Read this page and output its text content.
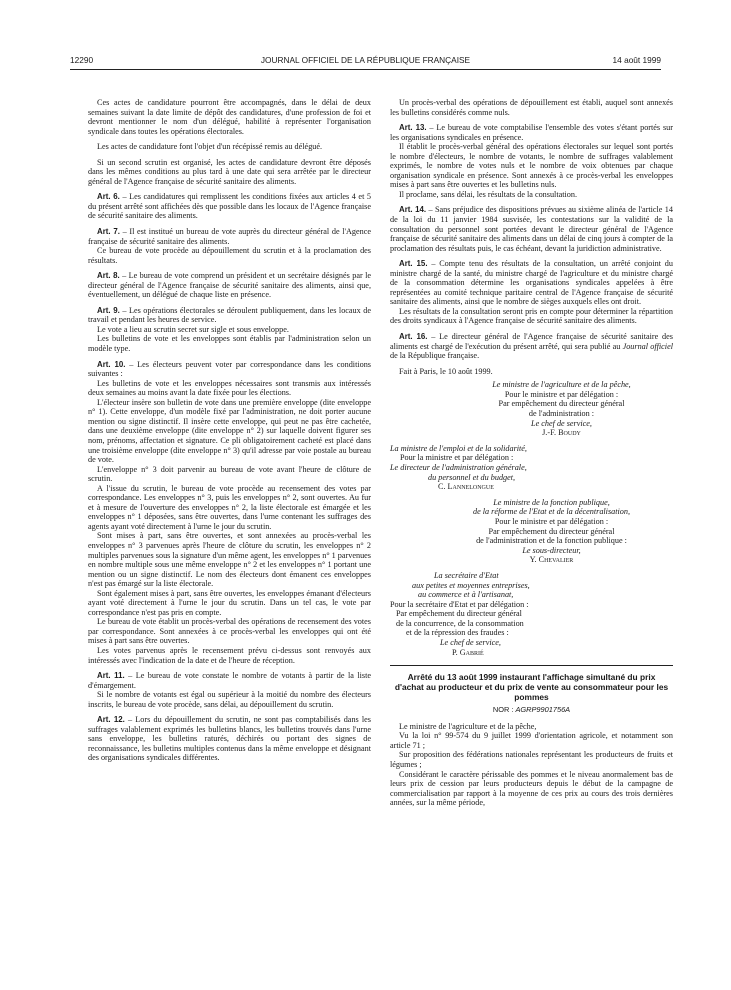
12290	JOURNAL OFFICIEL DE LA RÉPUBLIQUE FRANÇAISE	14 août 1999

Ces actes de candidature pourront être accompagnés, dans le délai de deux semaines suivant la date limite de dépôt des candidatures, d'une profession de foi et devront mentionner le nom d'un délégué, habilité à représenter l'organisation syndicale dans toutes les opérations électorales.

Les actes de candidature font l'objet d'un récépissé remis au délégué.

Si un second scrutin est organisé, les actes de candidature devront être déposés dans les mêmes conditions au plus tard à une date qui sera arrêtée par le directeur général de l'Agence française de sécurité sanitaire des aliments.

Art. 6. – Les candidatures qui remplissent les conditions fixées aux articles 4 et 5 du présent arrêté sont affichées dès que possible dans les locaux de l'Agence française de sécurité sanitaire des aliments.

Art. 7. – Il est institué un bureau de vote auprès du directeur général de l'Agence française de sécurité sanitaire des aliments.

Ce bureau de vote procède au dépouillement du scrutin et à la proclamation des résultats.

Art. 8. – Le bureau de vote comprend un président et un secrétaire désignés par le directeur général de l'Agence française de sécurité sanitaire des aliments, ainsi que, éventuellement, un délégué de chaque liste en présence.

Art. 9. – Les opérations électorales se déroulent publiquement, dans les locaux de travail et pendant les heures de service.

Le vote a lieu au scrutin secret sur sigle et sous enveloppe.

Les bulletins de vote et les enveloppes sont établis par l'administration selon un modèle type.

Art. 10. – Les électeurs peuvent voter par correspondance dans les conditions suivantes :

Les bulletins de vote et les enveloppes nécessaires sont transmis aux intéressés deux semaines au moins avant la date fixée pour les élections.

L'électeur insère son bulletin de vote dans une première enveloppe (dite enveloppe n° 1). Cette enveloppe, d'un modèle fixé par l'administration, ne doit porter aucune mention ou signe distinctif. Il insère cette enveloppe, qui peut ne pas être cachetée, dans une deuxième enveloppe (dite enveloppe n° 2) sur laquelle doivent figurer ses nom, prénoms, affectation et signature. Ce pli obligatoirement cacheté est placé dans une troisième enveloppe (dite enveloppe n° 3) qu'il adresse par voie postale au bureau de vote.

L'enveloppe n° 3 doit parvenir au bureau de vote avant l'heure de clôture de scrutin.

A l'issue du scrutin, le bureau de vote procède au recensement des votes par correspondance. Les enveloppes n° 3, puis les enveloppes n° 2, sont ouvertes. Au fur et à mesure de l'ouverture des enveloppes n° 2, la liste électorale est émargée et les enveloppes n° 1 déposées, sans être ouvertes, dans l'urne contenant les suffrages des agents ayant voté directement à l'urne le jour du scrutin.

Sont mises à part, sans être ouvertes, et sont annexées au procès-verbal les enveloppes n° 3 parvenues après l'heure de clôture du scrutin, les enveloppes n° 2 multiples parvenues sous la signature d'un même agent, les enveloppes n° 1 parvenues en nombre multiple sous une même enveloppe n° 2 et les enveloppes n° 1 portant une mention ou un signe distinctif. Le nom des électeurs dont émanent ces enveloppes n'est pas émargé sur la liste électorale.

Sont également mises à part, sans être ouvertes, les enveloppes émanant d'électeurs ayant voté directement à l'urne le jour du scrutin. Dans un tel cas, le vote par correspondance n'est pas pris en compte.

Le bureau de vote établit un procès-verbal des opérations de recensement des votes par correspondance. Sont annexées à ce procès-verbal les enveloppes qui ont été mises à part sans être ouvertes.

Les votes parvenus après le recensement prévu ci-dessus sont renvoyés aux intéressés avec l'indication de la date et de l'heure de réception.

Art. 11. – Le bureau de vote constate le nombre de votants à partir de la liste d'émargement.

Si le nombre de votants est égal ou supérieur à la moitié du nombre des électeurs inscrits, le bureau de vote procède, sans délai, au dépouillement du scrutin.

Art. 12. – Lors du dépouillement du scrutin, ne sont pas comptabilisés dans les suffrages valablement exprimés les bulletins blancs, les bulletins trouvés dans l'urne sans enveloppe, les bulletins raturés, déchirés ou portant des signes de reconnaissance, les bulletins multiples contenus dans la même enveloppe et désignant des organisations syndicales différentes.

Un procès-verbal des opérations de dépouillement est établi, auquel sont annexés les bulletins considérés comme nuls.

Art. 13. – Le bureau de vote comptabilise l'ensemble des votes s'étant portés sur les organisations syndicales en présence.

Il établit le procès-verbal général des opérations électorales sur lequel sont portés le nombre d'électeurs, le nombre de votants, le nombre de suffrages valablement exprimés, le nombre de votes nuls et le nombre de voix obtenues par chaque organisation syndicale en présence. Sont annexés à ce procès-verbal les enveloppes mises à part sans être ouvertes et les bulletins nuls.

Il proclame, sans délai, les résultats de la consultation.

Art. 14. – Sans préjudice des dispositions prévues au sixième alinéa de l'article 14 de la loi du 11 janvier 1984 susvisée, les contestations sur la validité de la consultation du personnel sont portées devant le directeur général de l'Agence française de sécurité sanitaire des aliments dans un délai de cinq jours à compter de la proclamation des résultats puis, le cas échéant, devant la juridiction administrative.

Art. 15. – Compte tenu des résultats de la consultation, un arrêté conjoint du ministre chargé de la santé, du ministre chargé de l'agriculture et du ministre chargé de la consommation détermine les organisations syndicales appelées à être représentées au comité technique paritaire central de l'Agence française de sécurité sanitaire des aliments, ainsi que le nombre de sièges auxquels elles ont droit.

Les résultats de la consultation seront pris en compte pour déterminer la répartition des droits syndicaux à l'Agence française de sécurité sanitaire des aliments.

Art. 16. – Le directeur général de l'Agence française de sécurité sanitaire des aliments est chargé de l'exécution du présent arrêté, qui sera publié au Journal officiel de la République française.

Fait à Paris, le 10 août 1999.

Le ministre de l'agriculture et de la pêche,
Pour le ministre et par délégation :
Par empêchement du directeur général
de l'administration :
Le chef de service,
J.-F. Boudy
La ministre de l'emploi et de la solidarité,
Pour la ministre et par délégation :
Le directeur de l'administration générale,
du personnel et du budget,
C. Lannelongue
Le ministre de la fonction publique,
de la réforme de l'Etat et de la décentralisation,
Pour le ministre et par délégation :
Par empêchement du directeur général
de l'administration et de la fonction publique :
Le sous-directeur,
Y. Chevalier
La secrétaire d'Etat
aux petites et moyennes entreprises,
au commerce et à l'artisanat,
Pour la secrétaire d'Etat et par délégation :
Par empêchement du directeur général
de la concurrence, de la consommation
et de la répression des fraudes :
Le chef de service,
P. Gabrié
Arrêté du 13 août 1999 instaurant l'affichage simultané du prix d'achat au producteur et du prix de vente au consommateur pour les pommes
NOR : AGRP9901756A

Le ministre de l'agriculture et de la pêche,

Vu la loi n° 99-574 du 9 juillet 1999 d'orientation agricole, et notamment son article 71 ;

Sur proposition des fédérations nationales représentant les producteurs de fruits et légumes ;

Considérant le caractère périssable des pommes et le niveau anormalement bas de leurs prix de cession par leurs producteurs depuis le début de la campagne de commercialisation par rapport à la moyenne de ces prix au cours des trois dernières années, sur la même période,
